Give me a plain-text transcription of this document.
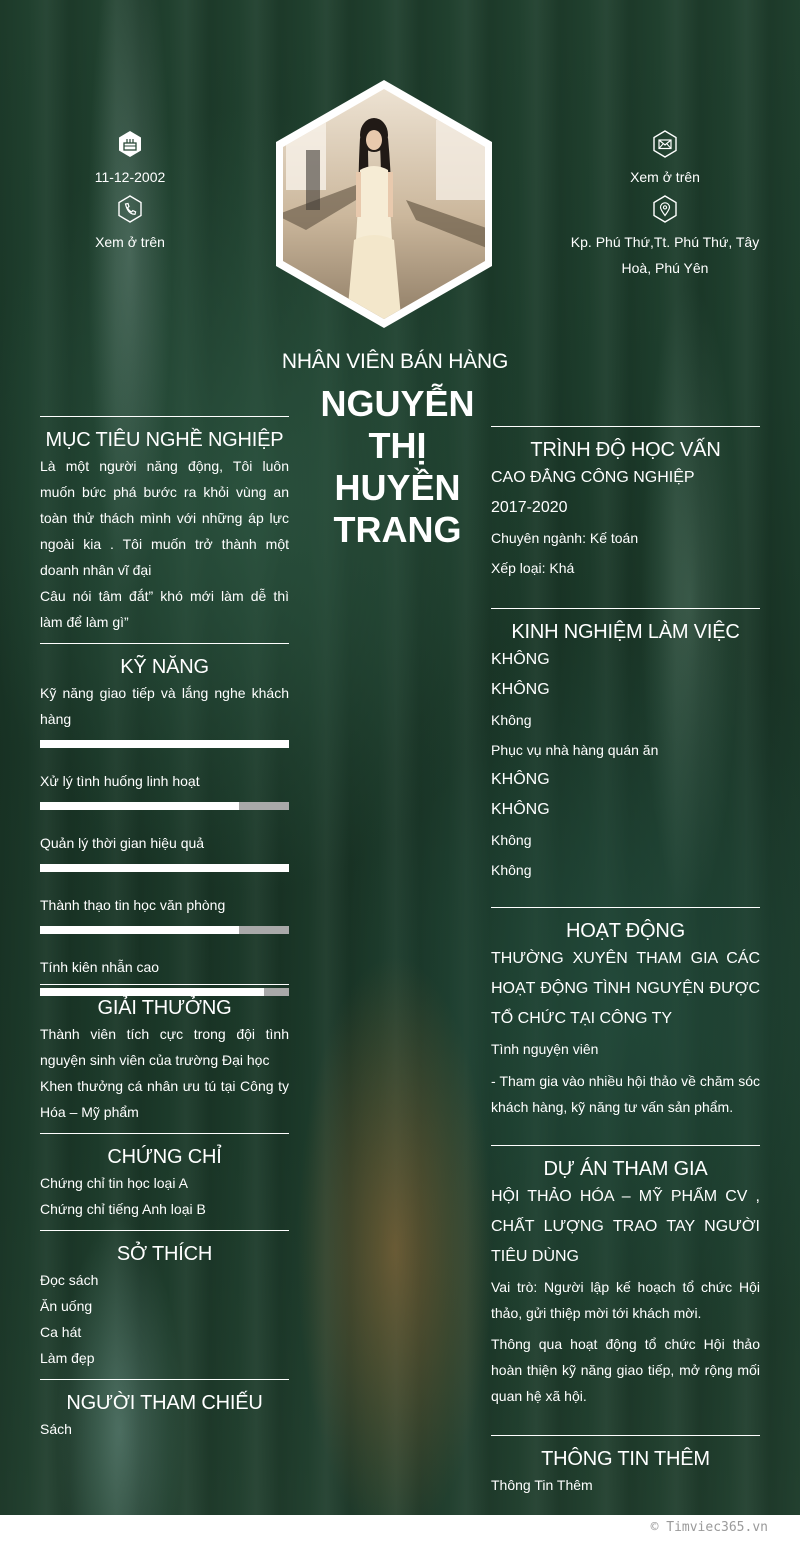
11-12-2002
Xem ở trên
Xem ở trên
Kp. Phú Thứ,Tt. Phú Thứ, Tây Hoà, Phú Yên
NHÂN VIÊN BÁN HÀNG
NGUYỄN THỊ HUYỀN TRANG
MỤC TIÊU NGHỀ NGHIỆP
Là một người năng động, Tôi luôn muốn bức phá bước ra khỏi vùng an toàn thử thách mình với những áp lực ngoài kia . Tôi muốn trở thành một doanh nhân vĩ đại
Câu nói tâm đắt” khó mới làm dễ thì làm để làm gì”
KỸ NĂNG
Kỹ năng giao tiếp và lắng nghe khách hàng
Xử lý tình huống linh hoạt
Quản lý thời gian hiệu quả
Thành thạo tin học văn phòng
Tính kiên nhẫn cao
GIẢI THƯỞNG
Thành viên tích cực trong đội tình nguyện sinh viên của trường Đại học
Khen thưởng cá nhân ưu tú tại Công ty Hóa – Mỹ phẩm
CHỨNG CHỈ
Chứng chỉ tin học loại A
Chứng chỉ tiếng Anh loại B
SỞ THÍCH
Đọc sách
Ăn uống
Ca hát
Làm đẹp
NGƯỜI THAM CHIẾU
Sách
TRÌNH ĐỘ HỌC VẤN
CAO ĐẲNG CÔNG NGHIỆP
2017-2020
Chuyên ngành: Kế toán
Xếp loại: Khá
KINH NGHIỆM LÀM VIỆC
KHÔNG
KHÔNG
Không
Phục vụ nhà hàng quán ăn
KHÔNG
KHÔNG
Không
Không
HOẠT ĐỘNG
THƯỜNG XUYÊN THAM GIA CÁC HOẠT ĐỘNG TÌNH NGUYỆN ĐƯỢC TỔ CHỨC TẠI CÔNG TY
Tình nguyện viên
- Tham gia vào nhiều hội thảo về chăm sóc khách hàng, kỹ năng tư vấn sản phẩm.
DỰ ÁN THAM GIA
HỘI THẢO HÓA – MỸ PHẨM CV , CHẤT LƯỢNG TRAO TAY NGƯỜI TIÊU DÙNG
Vai trò: Người lập kế hoạch tổ chức Hội thảo, gửi thiệp mời tới khách mời.
Thông qua hoạt động tổ chức Hội thảo hoàn thiện kỹ năng giao tiếp, mở rộng mối quan hệ xã hội.
THÔNG TIN THÊM
Thông Tin Thêm
© Timviec365.vn
